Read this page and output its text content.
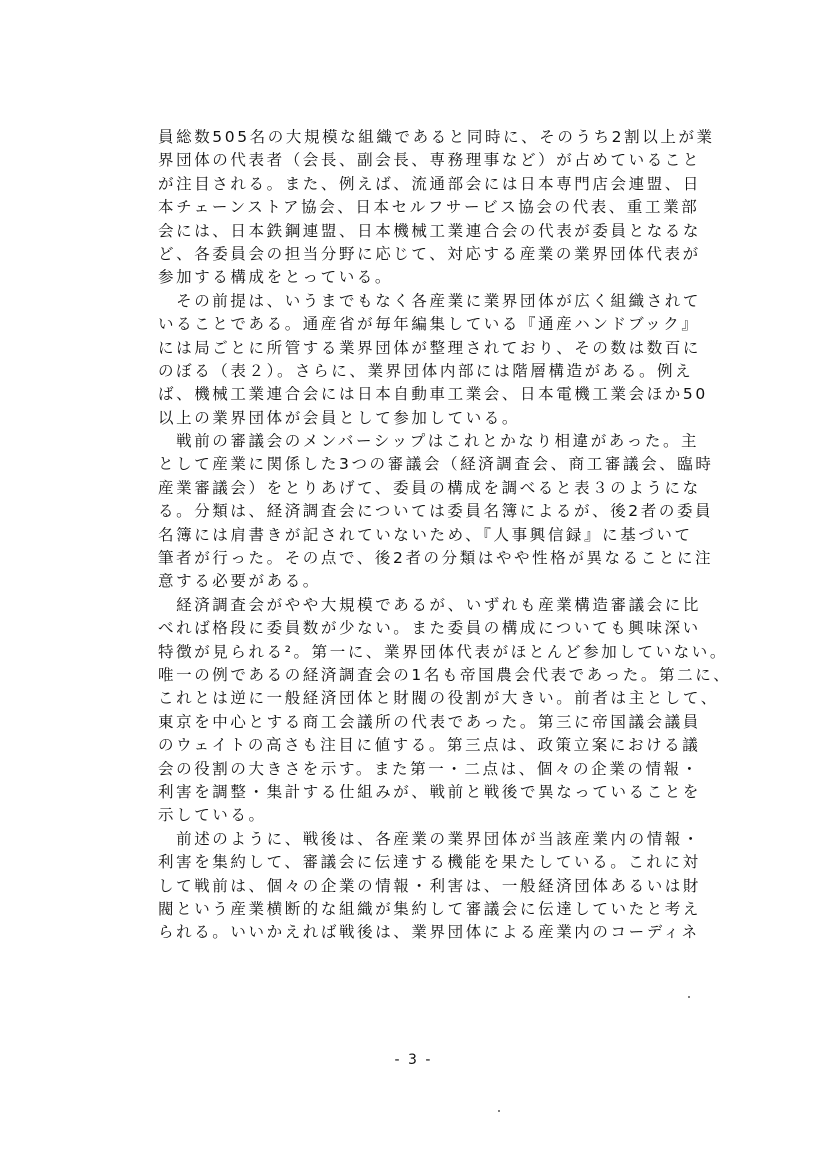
員総数505名の大規模な組織であると同時に、そのうち2割以上が業
界団体の代表者（会長、副会長、専務理事など）が占めていること
が注目される。また、例えば、流通部会には日本専門店会連盟、日
本チェーンストア協会、日本セルフサービス協会の代表、重工業部
会には、日本鉄鋼連盟、日本機械工業連合会の代表が委員となるな
ど、各委員会の担当分野に応じて、対応する産業の業界団体代表が
参加する構成をとっている。
　その前提は、いうまでもなく各産業に業界団体が広く組織されて
いることである。通産省が毎年編集している『通産ハンドブック』
には局ごとに所管する業界団体が整理されており、その数は数百に
のぼる（表２）。さらに、業界団体内部には階層構造がある。例え
ば、機械工業連合会には日本自動車工業会、日本電機工業会ほか50
以上の業界団体が会員として参加している。
　戦前の審議会のメンバーシップはこれとかなり相違があった。主
として産業に関係した3つの審議会（経済調査会、商工審議会、臨時
産業審議会）をとりあげて、委員の構成を調べると表３のようにな
る。分類は、経済調査会については委員名簿によるが、後2者の委員
名簿には肩書きが記されていないため、『人事興信録』に基づいて
筆者が行った。その点で、後2者の分類はやや性格が異なることに注
意する必要がある。
　経済調査会がやや大規模であるが、いずれも産業構造審議会に比
べれば格段に委員数が少ない。また委員の構成についても興味深い
特徴が見られる²。第一に、業界団体代表がほとんど参加していない。
唯一の例であるの経済調査会の1名も帝国農会代表であった。第二に、
これとは逆に一般経済団体と財閥の役割が大きい。前者は主として、
東京を中心とする商工会議所の代表であった。第三に帝国議会議員
のウェイトの高さも注目に値する。第三点は、政策立案における議
会の役割の大きさを示す。また第一・二点は、個々の企業の情報・
利害を調整・集計する仕組みが、戦前と戦後で異なっていることを
示している。
　前述のように、戦後は、各産業の業界団体が当該産業内の情報・
利害を集約して、審議会に伝達する機能を果たしている。これに対
して戦前は、個々の企業の情報・利害は、一般経済団体あるいは財
閥という産業横断的な組織が集約して審議会に伝達していたと考え
られる。いいかえれば戦後は、業界団体による産業内のコーディネ
- 3 -
